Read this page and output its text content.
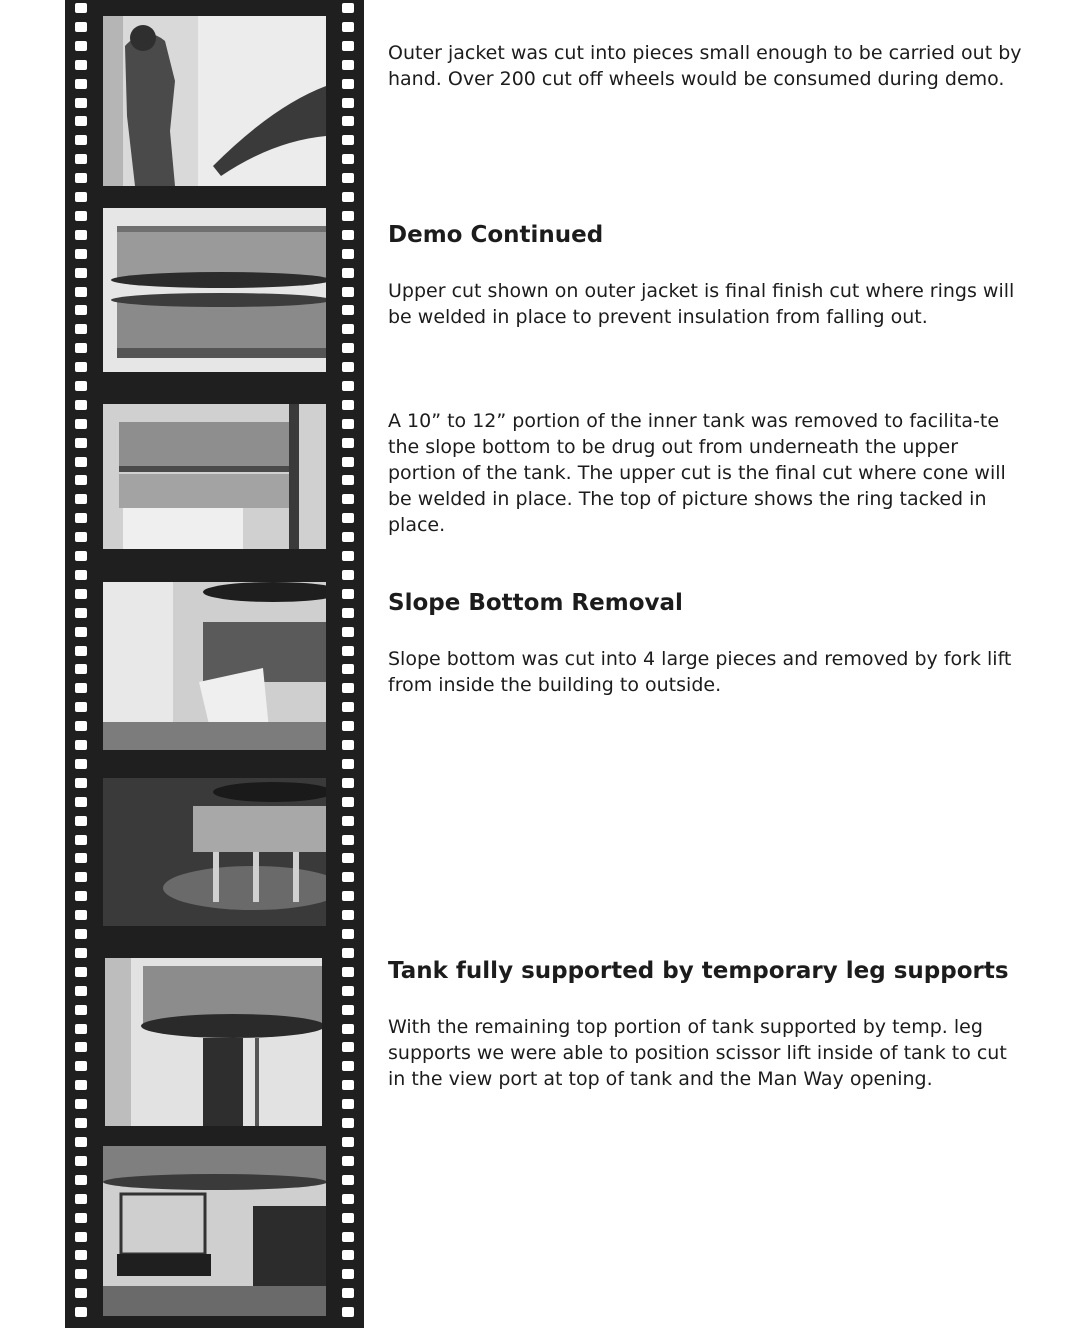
Outer jacket was cut into pieces small enough to be carried out by hand. Over 200 cut off wheels would be consumed during demo.

Demo Continued

Upper cut shown on outer jacket is final finish cut where rings will be welded in place to prevent insulation from falling out.

A 10” to 12” portion of the inner tank was removed to facilita-te the slope bottom to be drug out from underneath the upper portion of the tank. The upper cut is the final cut where cone will be welded in place. The top of picture shows the ring tacked in place.

Slope Bottom Removal

Slope bottom was cut into 4 large pieces and removed by fork lift from inside the building to outside.

Tank fully supported by temporary leg supports

With the remaining top portion of tank supported by temp. leg supports we were able to position scissor lift inside of tank to cut in the view port at top of tank and the Man Way opening.
